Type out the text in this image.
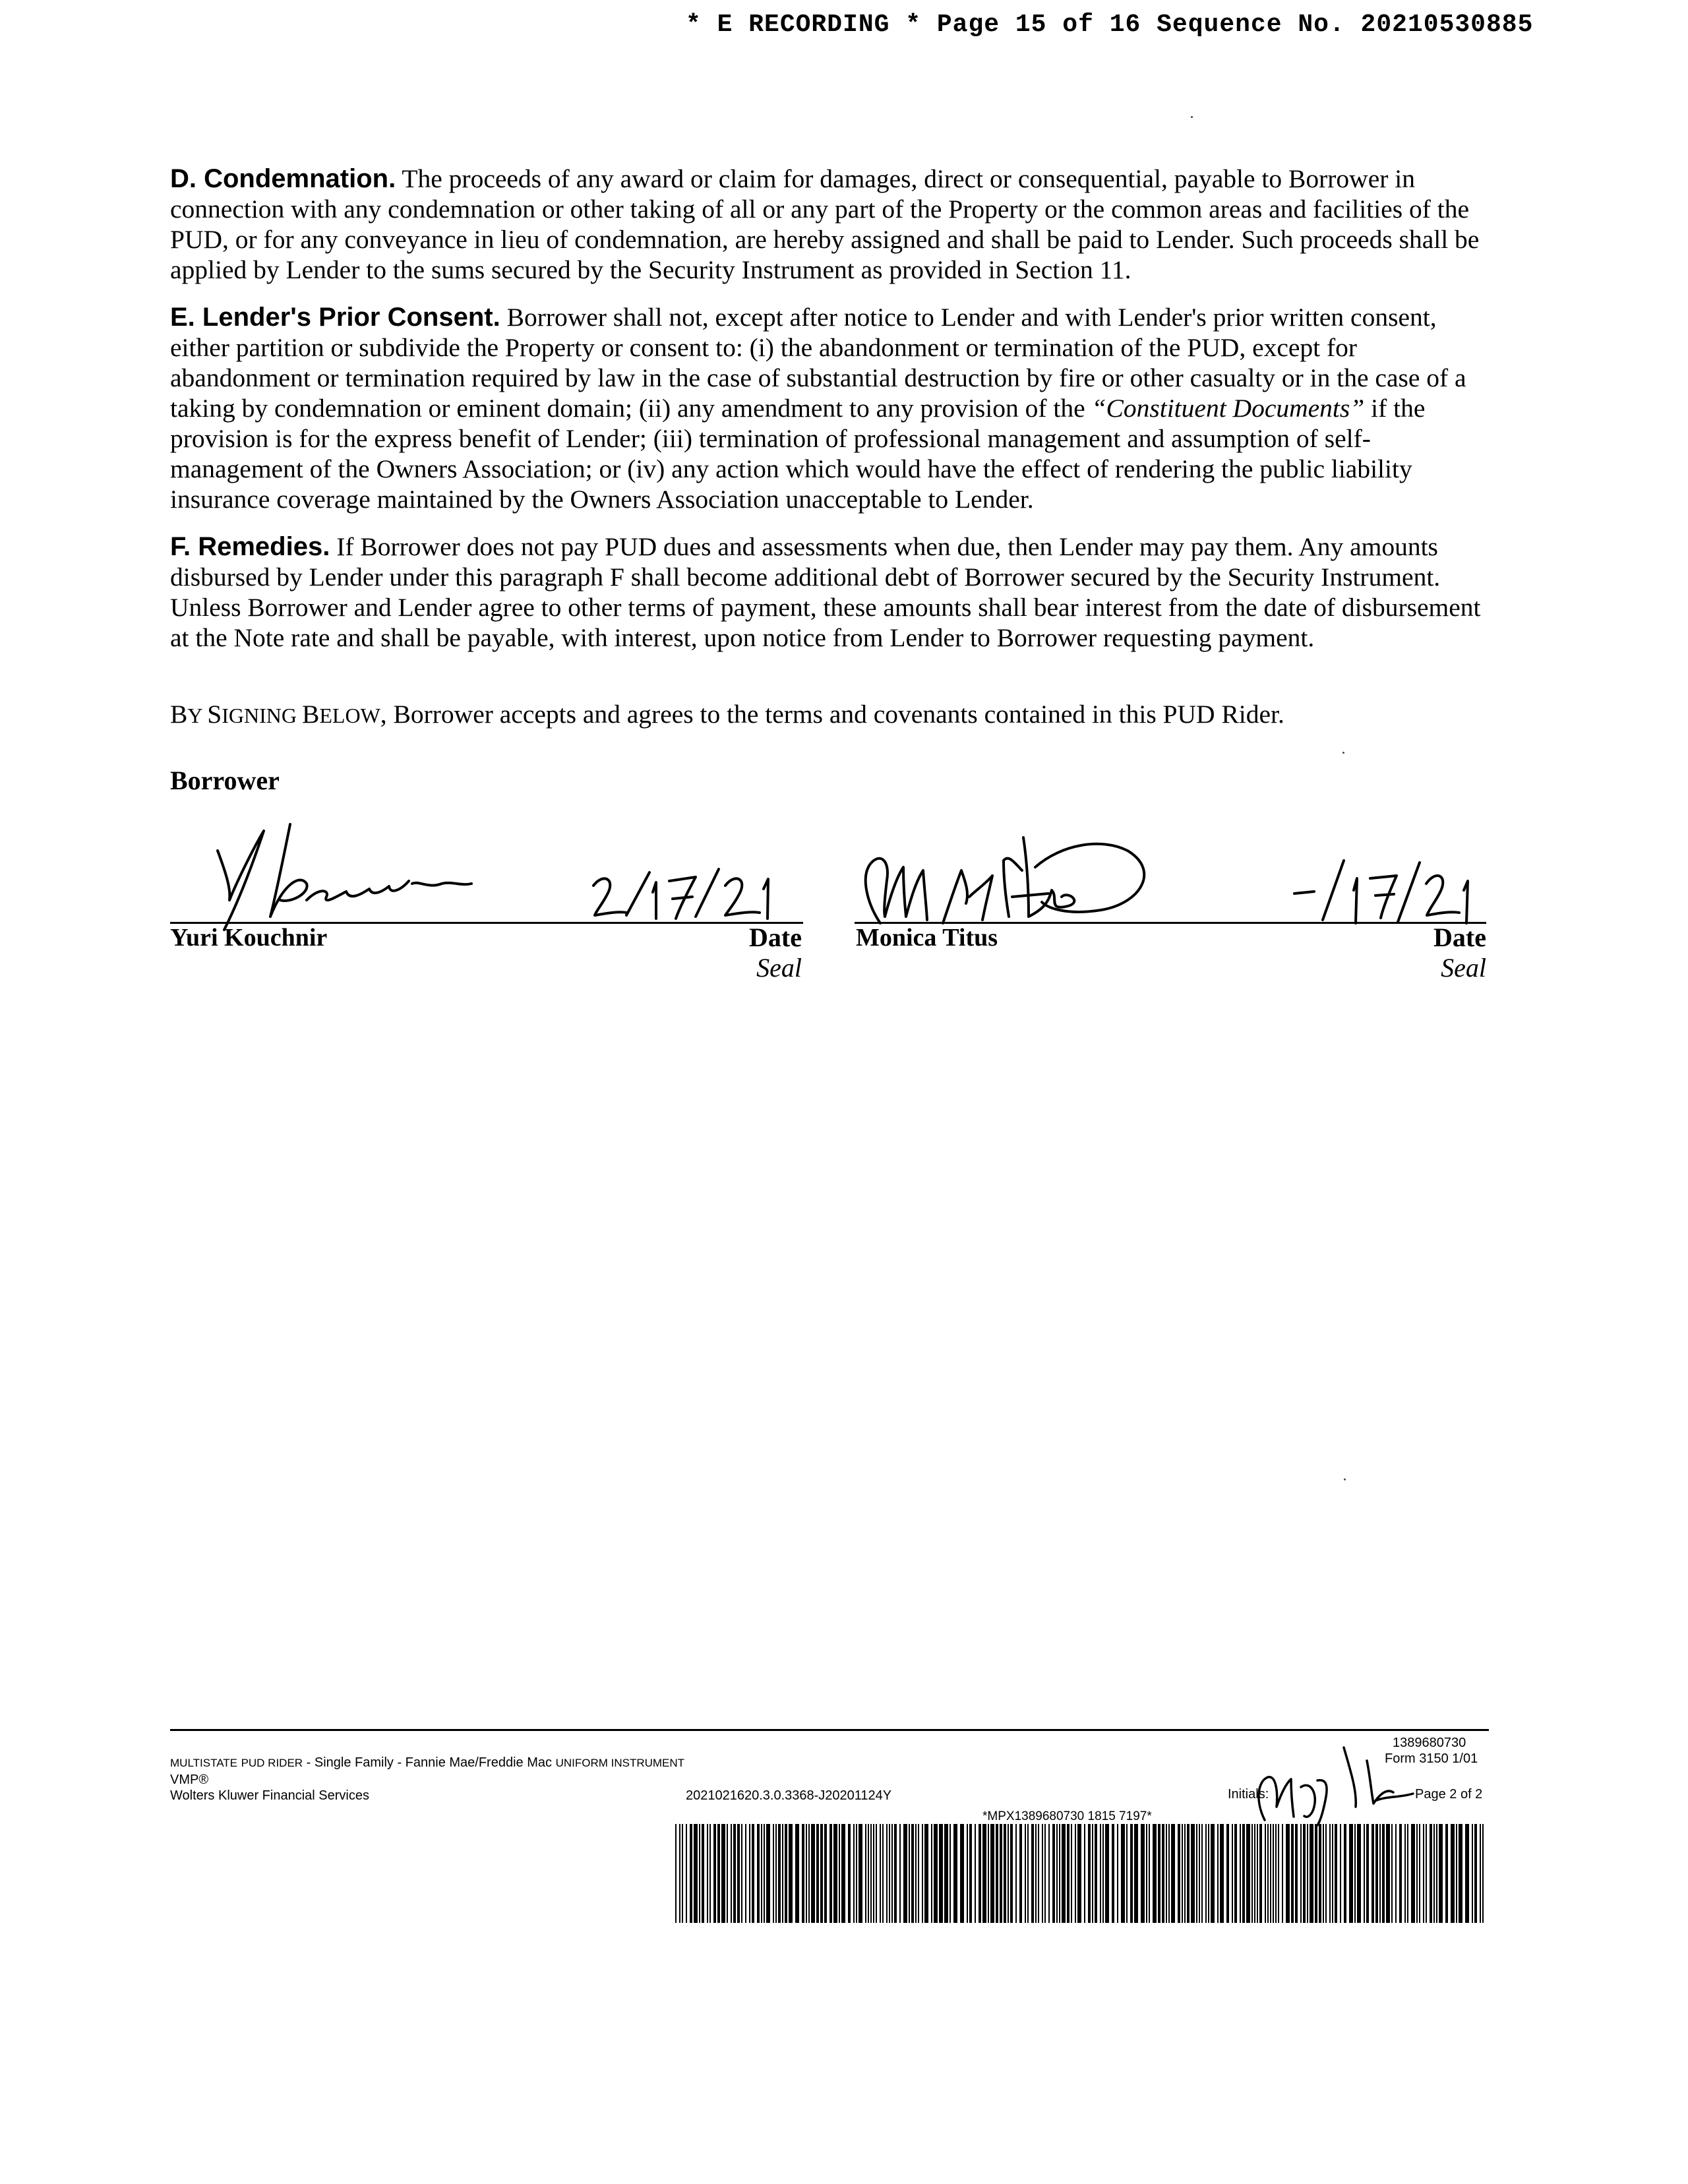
* E RECORDING * Page 15 of 16 Sequence No. 20210530885
D. Condemnation. The proceeds of any award or claim for damages, direct or consequential, payable to Borrower in connection with any condemnation or other taking of all or any part of the Property or the common areas and facilities of the PUD, or for any conveyance in lieu of condemnation, are hereby assigned and shall be paid to Lender. Such proceeds shall be applied by Lender to the sums secured by the Security Instrument as provided in Section 11.
E. Lender's Prior Consent. Borrower shall not, except after notice to Lender and with Lender's prior written consent, either partition or subdivide the Property or consent to: (i) the abandonment or termination of the PUD, except for abandonment or termination required by law in the case of substantial destruction by fire or other casualty or in the case of a taking by condemnation or eminent domain; (ii) any amendment to any provision of the “Constituent Documents” if the provision is for the express benefit of Lender; (iii) termination of professional management and assumption of self-management of the Owners Association; or (iv) any action which would have the effect of rendering the public liability insurance coverage maintained by the Owners Association unacceptable to Lender.
F. Remedies. If Borrower does not pay PUD dues and assessments when due, then Lender may pay them. Any amounts disbursed by Lender under this paragraph F shall become additional debt of Borrower secured by the Security Instrument. Unless Borrower and Lender agree to other terms of payment, these amounts shall bear interest from the date of disbursement at the Note rate and shall be payable, with interest, upon notice from Lender to Borrower requesting payment.
BY SIGNING BELOW, Borrower accepts and agrees to the terms and covenants contained in this PUD Rider.
Borrower
Yuri Kouchnir	Date
Seal
Monica Titus	Date
Seal
1389680730
MULTISTATE PUD RIDER - Single Family - Fannie Mae/Freddie Mac UNIFORM INSTRUMENT	Form 3150 1/01
VMP®
Wolters Kluwer Financial Services	2021021620.3.0.3368-J20201124Y	Initials:	Page 2 of 2
*MPX1389680730 1815 7197*
